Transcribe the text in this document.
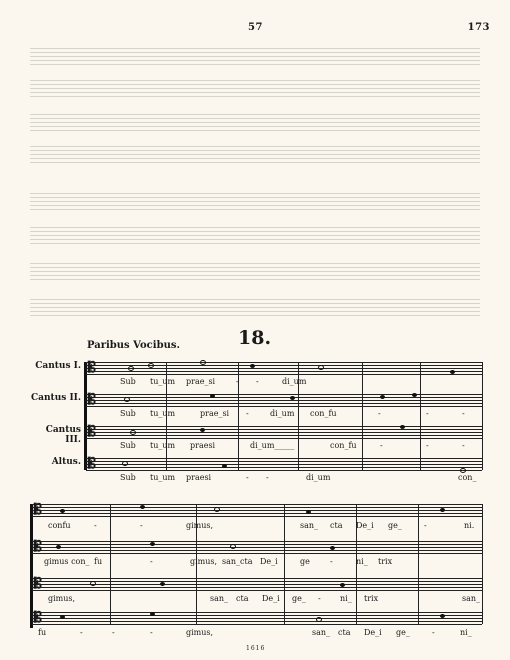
57	173
18.
Paribus Vocibus.
Cantus I.
Cantus II.
Cantus III.
Altus.
𝄡
𝄡
𝄡
𝄡
Sub tu_um prae_si	- -	di_um
Sub tu_um	prae_si -	di_um con_fu	-	-	-
Sub tu_um praesi	di_um_____	con_fu	-	-	-
Sub tu_um praesi	- -	di_um	con_
𝄡
𝄡
𝄡
𝄡
confu	-	-	gimus,	san_ cta De_i ge_	-	ni.
gimus con_ fu	-	gimus, san_cta De_i	ge	-	ni_ trix
gimus,	san_ cta De_i ge_ - ni_ trix	san_
fu	-	-	-	gimus,	san_ cta De_i ge_	-	ni_
1616
